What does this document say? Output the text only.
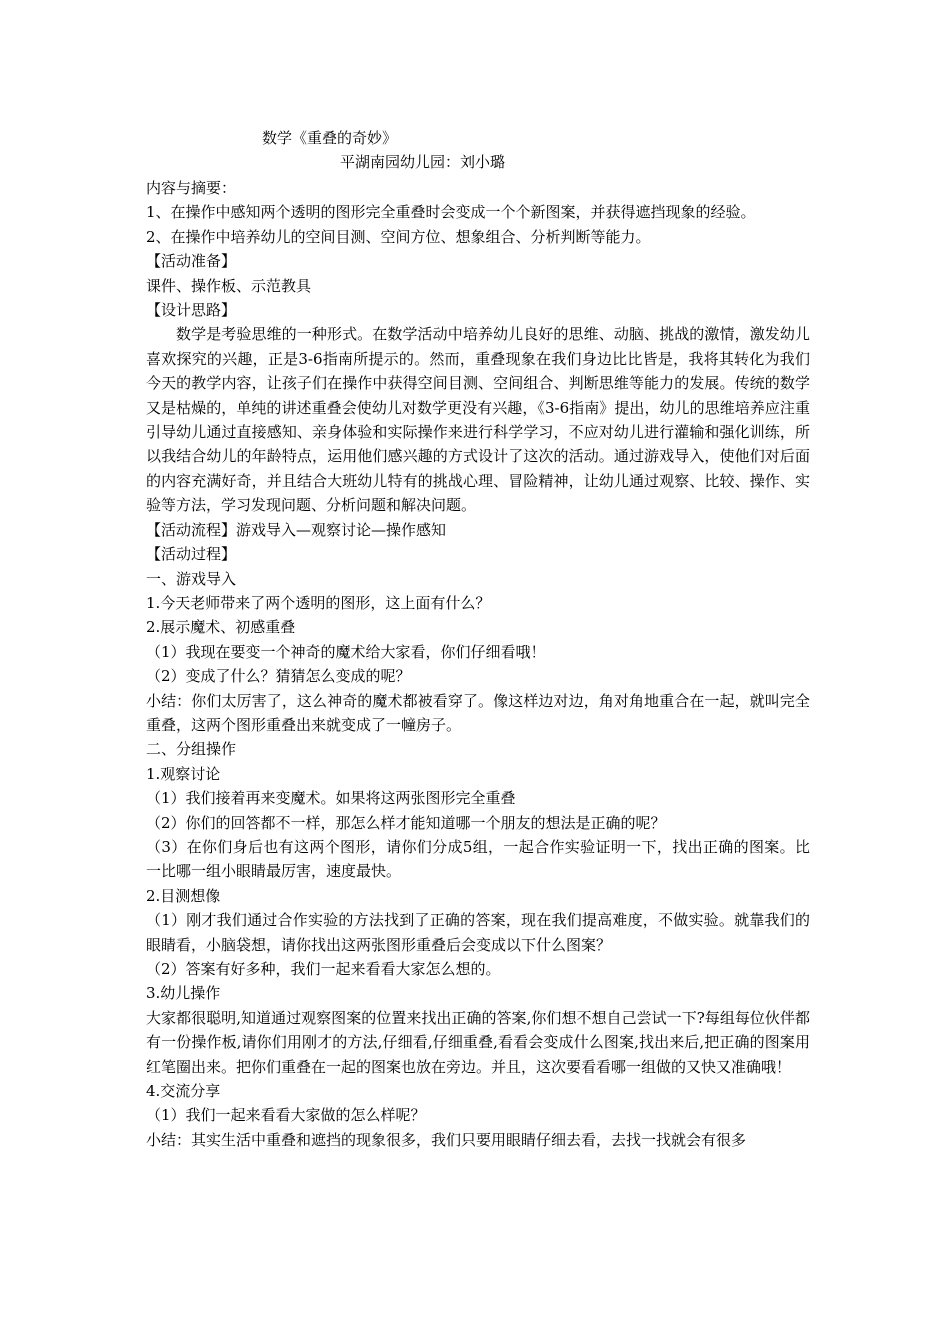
数学《重叠的奇妙》
平湖南园幼儿园：刘小璐
内容与摘要：
1、在操作中感知两个透明的图形完全重叠时会变成一个个新图案，并获得遮挡现象的经验。
2、在操作中培养幼儿的空间目测、空间方位、想象组合、分析判断等能力。
【活动准备】
课件、操作板、示范教具
【设计思路】
数学是考验思维的一种形式。在数学活动中培养幼儿良好的思维、动脑、挑战的激情，激发幼儿喜欢探究的兴趣，正是3-6指南所提示的。然而，重叠现象在我们身边比比皆是，我将其转化为我们今天的教学内容，让孩子们在操作中获得空间目测、空间组合、判断思维等能力的发展。传统的数学又是枯燥的，单纯的讲述重叠会使幼儿对数学更没有兴趣，《3-6指南》提出，幼儿的思维培养应注重引导幼儿通过直接感知、亲身体验和实际操作来进行科学学习，不应对幼儿进行灌输和强化训练，所以我结合幼儿的年龄特点，运用他们感兴趣的方式设计了这次的活动。通过游戏导入，使他们对后面的内容充满好奇，并且结合大班幼儿特有的挑战心理、冒险精神，让幼儿通过观察、比较、操作、实验等方法，学习发现问题、分析问题和解决问题。
【活动流程】游戏导入—观察讨论—操作感知
【活动过程】
一、游戏导入
1.今天老师带来了两个透明的图形，这上面有什么？
2.展示魔术、初感重叠
（1）我现在要变一个神奇的魔术给大家看，你们仔细看哦！
（2）变成了什么？猜猜怎么变成的呢？
小结：你们太厉害了，这么神奇的魔术都被看穿了。像这样边对边，角对角地重合在一起，就叫完全重叠，这两个图形重叠出来就变成了一幢房子。
二、分组操作
1.观察讨论
（1）我们接着再来变魔术。如果将这两张图形完全重叠
（2）你们的回答都不一样，那怎么样才能知道哪一个朋友的想法是正确的呢？
（3）在你们身后也有这两个图形，请你们分成5组，一起合作实验证明一下，找出正确的图案。比一比哪一组小眼睛最厉害，速度最快。
2.目测想像
（1）刚才我们通过合作实验的方法找到了正确的答案，现在我们提高难度，不做实验。就靠我们的眼睛看，小脑袋想，请你找出这两张图形重叠后会变成以下什么图案？
（2）答案有好多种，我们一起来看看大家怎么想的。
3.幼儿操作
大家都很聪明,知道通过观察图案的位置来找出正确的答案,你们想不想自己尝试一下?每组每位伙伴都有一份操作板,请你们用刚才的方法,仔细看,仔细重叠,看看会变成什么图案,找出来后,把正确的图案用红笔圈出来。把你们重叠在一起的图案也放在旁边。并且，这次要看看哪一组做的又快又准确哦！
4.交流分享
（1）我们一起来看看大家做的怎么样呢？
小结：其实生活中重叠和遮挡的现象很多，我们只要用眼睛仔细去看，去找一找就会有很多
